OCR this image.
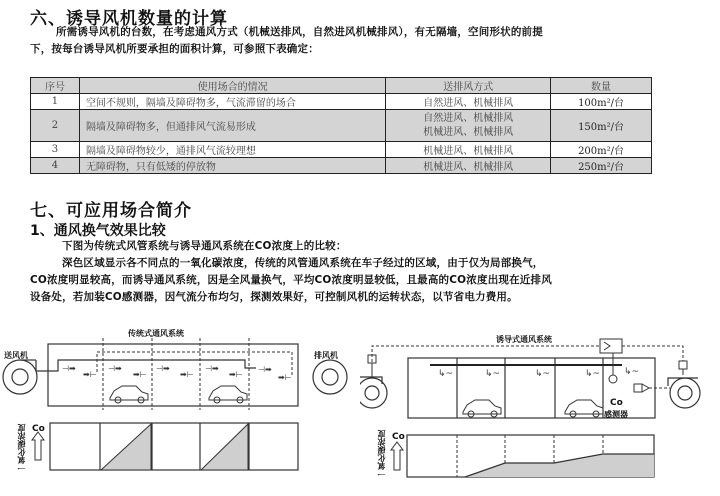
六、诱导风机数量的计算
所需诱导风机的台数，在考虑通风方式（机械送排风，自然进风机械排风），有无隔墙，空间形状的前提
下，按每台诱导风机所要承担的面积计算，可参照下表确定：
序号	使用场合的情况	送排风方式	数量
1	空间不规则，隔墙及障碍物多，气流滞留的场合	自然进风、机械排风	100m²/台
2	隔墙及障碍物多，但通排风气流易形成	自然进风、机械排风
机械进风、机械排风	150m²/台
3	隔墙及障碍物较少，通排风气流较理想	机械进风、机械排风	200m²/台
4	无障碍物，只有低矮的停放物	机械进风、机械排风	250m²/台
七、可应用场合简介
1、通风换气效果比较
下图为传统式风管系统与诱导通风系统在CO浓度上的比较：
深色区域显示各不同点的一氧化碳浓度，传统的风管通风系统在车子经过的区域，由于仅为局部换气，
CO浓度明显较高，而诱导通风系统，因是全风量换气，平均CO浓度明显较低，且最高的CO浓度出现在近排风
设备处，若加装CO感测器，因气流分布均匀，探测效果好，可控制风机的运转状态，以节省电力费用。
传统式通风系统
送风机	排风机
⊣➡
➡⊢
⊣➡
➡⊢
⊣➡
➡⊢
⊣➡
➡⊢
⊣➡
➡⊢
Co
一氧化碳浓度
诱导式通风系统
↳~	↳~	↳~	↳~	↳~
Co
感测器
Co
一氧化碳浓度
